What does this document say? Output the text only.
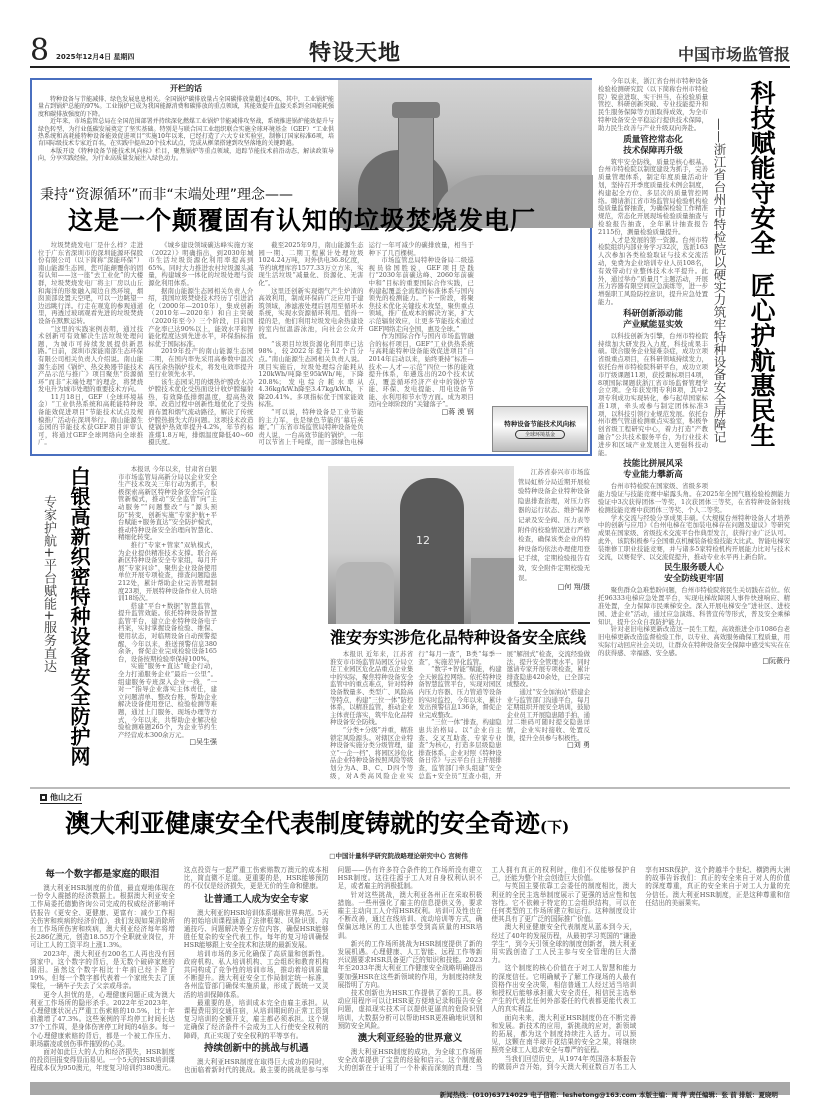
8 2025年12月4日 星期四	特设天地	中国市场监管报
开栏的话

特种设备与节能减排、绿色发展息息相关。全国锅炉碳排放量占全国碳排放量超过40%，其中，工业锅炉能量占到锅炉总能的97%。工业锅炉已成为我国能源消费和碳排放的重点领域，其能效提升直接关系到全国能耗强度和碳排放强度的下降。

近年来，市场监管总局在全国范围部署并持续深化燃煤工业锅炉节能减排攻坚战，系统推进锅炉能效提升与绿色转型，为行业低碳发展奠定了坚实基础。特别是与联合国工业组织联合实施全球环境基金（GEF）“工业供热系统和高耗能特种设备能效促进项目”实施10年以来，已经打造了六大专业实验室，制修订国家标准6项，培育国际级技术专家近百名，在实践中提出20个技术试点，完成从框架搭建到攻坚落地的关键跨越。

本版开设《特种设备节能技术风向标》栏目，聚焦锅炉等重点领域，追踪节能技术前沿动态，解读政策导向，分享实践经验，为行业高质量发展注入绿色动力。

秉持“资源循环”而非“末端处理”理念——
这是一个颠覆固有认知的垃圾焚烧发电厂

垃圾焚烧发电厂是什么样？走进位于广东省深圳市的深圳能源环保股份有限公司（以下简称“深能环保”）南山能源生态园，您可能颠覆你的固有认知——这一座“去工业化”的大楼群，垃圾焚烧发电厂将主厂房以山丘和海洋的形象融入周边自然环境，烟囱顶部设置天空吧，可以一边眺望一边远眺行洋。行走在观览的参观通道里，再透过玻璃观看先进的垃圾焚烧设备在默默运转。

“这里的实践案例表明，通过技术创新可有效解决生活垃圾处理问题，为城市可持续发展提供新思路。”日前，深圳市深能南部生态环保有限公司相关负责人介绍说。南山能源生态园《锅炉、热交换器节能技术产品示范与推广》项目聚焦“资源循环”而非“末端处理”的理念，将焚烧发电升为城市处理的重要技术方向。

11月18日，GEF（全球环境基金）“工业供热系统和高耗能特种设备能效促进项目”节能技术试点及规模推广活动在深圳举行。南山能源生态园的节能技术获GEF项目评审认可，将通过GEF全球网络向全球推广。

《城乡建设领域碳达峰实施方案（2022）》明确指出，到2030年城市生活垃圾资源化利用率提高到65%。同时大力推进农村垃圾源头减量，构建城乡一体化的垃圾处理与资源化利用体系。

据南山能源生态园相关负责人介绍，我国垃圾焚烧技术经历了引进消化（2000年—2010年）、集成创新（2010年—2020年）和自主突破（2020年至今）三个阶段，目前国产化率已达90%以上，能效水平和智能化程度达到先进水平，环保指标指标优于国际标准。

2019年投产的南山能源生态园二期，在国内率先采用高参数中温次高压余热锅炉技术，将发电效率提升至行业领先水平。

该生态园采用的烟热炉膛改水冷炉膛技术优化受热面设计收炉膛辐射热，有效降低排烟温度，提高热效率。改造过程中创新性地优化了受热面布置和烟气流动路径，解决了传统炉膛热损失大的问题。这项技术改造使锅炉热效率提升4.2%，年节约标准煤1.8万吨，排烟温度降低40~60摄氏度。

截至2025年9月，南山能源生态园一期、二期工程累计处理垃圾1024.24万吨，对外供电36.8亿度，节约填埋库容1577.33万立方米，实现生活垃圾“减量化、资源化、无害化”。

这里还创新实现烟气产生炉渣的高效利用，制成环保砖广泛应用于建筑领域，渗滤液处理后回用至循环水系统，实现水资源循环利用。值得一提的是，他们利用垃圾发电余热建设的室内恒温游泳池，向社会公众开放。

“该项目垃圾资源化利用率已达98%，较2022年提升12个百分点。”南山能源生态园相关负责人说。项目实施后，垃圾处理综合能耗从120kWh/吨降至95kWh/吨，下降20.8%；发电综合耗水率从4.36kg/kW.h降至3.47kg/kW.h，下降20.41%。多项指标优于国家能效标准。

“可以说，特种设备是工业节能的主力军，也是绿色节能的‘幕后英雄’。”广东省市场监管局特种设备处负责人说，一台高效节能的锅炉，一年可以节省上千吨煤，而一部绿色电梯运行一年可减少的碳排放量，相当于种下了几百棵树。

市场监管总局特种设备局二级巡视员徐国胜说，GEF项目是践行“2030年前碳达峰、2060年前碳中和”目标的重要国际合作实践，已构建起覆盖全流程的标准体系与国内领先的检测能力。“下一阶段，将聚焦技术优化关键技术攻坚，聚焦重点领域，推广低成本的解决方案，扩大示范辐射效应，让更多节能技术通过GEF网络走向全国，惠及全球。”

作为国际合作与国内市场监管融合的标杆项目，GEF“工业供热系统与高耗能特种设备能效促进项目”自2014年启动以来，始终秉持“标准—技术—人才—示范”四位一体的能效提升体系，年遴选出的20个技术试点，覆盖循环经济产业中的锅炉节能、环保、发电提能、用电设备节能、水利用和节水等方面。成为项目迈向全球阶段的“关键落子”。

□蒋 漠 钢

特种设备节能技术风向标
全球环境基金	——浙江省台州市特检院以硬实力筑牢特种设备安全屏障记 科技赋能守安全  匠心护航惠民生

今年以来，浙江省台州市特种设备检验检测研究院（以下简称台州市特检院）锐意进取、实干担当，在检验质量管控、科研创新突破、专业技能提升和民生服务保障等方面取得成效，为全市特种设备安全平稳运行提供技术保障，助力民生改善与产业升级双向奔赴。

质量管控常态化
技术保障再升级

筑牢安全防线，质量是核心根基。台州市特检院以制度建设为抓手，完善质量管理体系，制定年度质量活动计划，坚持召开季度质量技术例会制度，构建起全方位、多层次的质量管控网络。聘请浙江省市场监管局检验机构检验质量监督抽查，为确保检验工作精准规范，常态化开展现场检验质量抽查与检验报告抽查，全年累计抽查报告2115份，测量检验质量提升。

人才是发展的第一资源。台州市特检院组织内部业务学习32次，选派163人次参加各类检验取证与技术交流活动，免费为企业培训专业人员108名，有效带动行业整体技术水平提升。此外，通过举办“质量月”主题活动，开展压力容器有限空间应急演练等，进一步增强职工风险防控意识，提升应急处置能力。

科研创新添动能
产业赋能显实效

以科技创新为引擎，台州市特检院持续加大研发投入力度，科技成果丰硕。联合服务企业疑难杂症，成功立项省级重点项目，在科研领域持续发力，依托台州市特检院科研平台，成功立项市厅级课题11项，获授课标项目4项，8项国际课题获浙江省市场监督管理学会立项。全年获发明专利8项，其中2项专利成功实现转化，参与起草国家标准1项，牵头或参与制定团体标准3项，以科技引领行业规范发展。依托台州市燃气管道检测重点实验室，积极争创省级工程研究中心，着力打造“产教融合”公共技术服务平台，为行业技术进步和区域产业发展注入更强科技动能。

技能比拼展风采
专业能力攀新高

台州市特检院在国家级、省级多项能力验证与技能竞赛中崭露头角。在2025年全国气瓶检验检测能力验证中3次获得团体一等奖，1次获团体三等奖，在省特种设备射线检测技能竞赛中获团体三等奖、个人二等奖。

学术交流与经验分享成果丰硕。《大规模台州特种设备人才培养中的创新与应用》《台州电梯在宅加装电梯存在问题及建议》等研究成果在国家级、省级技术交流平台作典型发言，获得行业广泛认可。此外，该院积极参与全国重点机械装备检验技能大比武、智能电梯安装维修工职业技能竞赛，并与诸多5家特检机构开展能力比对与技术交流，以赛促学、以交流促提升，推动专业水平再上新台阶。

民生服务暖人心
安全防线更牢固

聚焦群众急难愁盼问题，台州市特检院将民生关切践在首位。依托96333电梯应急处置平台，实现电梯故障困人事件快速响应、精准处置，全力保障市民乘梯安全。深入开展电梯安全“进社区、进校园、进企业”活动，通过应急演练、科普宣传等形式，普及安全乘梯知识，提升公众自我防护能力。

针对老旧电梯更新改造这一民生工程，高效推进全市1086台老旧电梯更新改造监督检验工作，以专业、高效服务确保工程质量，用实际行动回应社会关切，让群众在特种设备安全保障中感受实实在在的获得感、幸福感、安全感。

□阮薇丹

专家护航+平台赋能+服务直达 白银高新织密特种设备安全防护网	本报讯 今年以来，甘肃省白银市市场监管局高新分局以企业安全生产技术攻关三年行动为抓手，积极探索高新区特种设备安全综合监管新模式，推动“安全监管”向“主动服务”“问题整改”与“源头预防”转变，创新实施“专家护航+平台赋能+服务直达”安全防护模式，推动特种设备安全治理向智慧化、精细化转变。

推行“专家+管家”双轨模式，为企业提供精准技术支撑。联合高新区特种设备安全专家组，每月开展“专家问诊”，聚焦企业设备使用单位开展专项检查，排查问题隐患212处，累计帮助企业完善管理制度23项，开展特种设备作业人员培训18场次。

搭建“平台+数据”智慧监管，提升监管效能。依托特种设备智慧监管平台，建立企业特种设备电子档案，实时掌握设备检验、维保、使用状态，对临期设备自动预警提醒，今年以来，推送预警信息380余条，督促企业完成检验设备165台，设备按期检验率保持100%。

实施“服务+直达”暖企行动，全力打通服务企业“最后一公里”。组建服务专班深入企业一线，“一对一”指导企业落实主体责任，建立问题清单、整改台账，帮助企业解决设备使用登记、检验检测等难题，通过上门服务、现场办理等方式，今年以来，共帮助企业解决检验检测难题265个，为企业节约生产经营成本300余万元。

□吴生强

12

江苏省泰兴市市场监管局虹桥分局近期开展检验特种设备企业特种设备隐患排查治理，对压力容器的运行状态、维护保养记录及安全阀、压力表等附件的校验情况进行严格检查，确保该类企业的特种设备均依法办理使用登记手续，定期检验报告有效，安全附件定期校验无误。

□何 翔/摄

淮安夯实涉危化品特种设备安全底线

本报讯 近年来，江苏省淮安市市场监管局园区分局立足工业园区危化品重点企业集中的实际，聚焦特种设备安全监管中的重点难点，针对特种设备数量多、类型广、风险高等特点，构建“三位一体”防控体系，以精准监管，推动企业主体责任落实，筑牢危化品特种设备安全防线。

“分类+分级”并重，精准锁定风险源头。对辖区企业特种设备实施分类分级管理，建立“一企一档”，将园区涉危化品企业特种设备按照风险等级划分为A、B、C、D四个等级，对A类高风险企业实行“每月一查”，B类“每季一查”，实施差异化监管。

“数字+智能”赋能，构建全天候监控网络。依托特种设备智慧监管平台，实现对园区内压力容器、压力管道等设备的实时监控，今年以来，累计发出预警信息136条，督促企业完成整改。

“三位一体”排查，构建隐患共治格局。以“企业自主查、交叉互助查、专家专业查”为核心，打造多层级隐患排查体系。企业对照《特种设备日常》与云平台自主开展排查，监管部门牵头组建“安全总监+安全员”互查小组，开展“解剖式”检查，交流经验做法，提升安全管理水平。同时邀请专家开展专项检查，累计排查隐患420余处，已全部完成整改。

通过“安全加油站”搭建企业与监管部门沟通平台，每月定期组织开展安全培训，鼓励企业员工开展隐患随手拍，通过二维码可随时提交隐患详情，企业实时接收、处置反馈，提升全员参与积极性。

□刘 勇

他山之石
澳大利亚健康安全代表制度铸就的安全奇迹(下)
□中国计量科学研究院战略理论研究中心 宫树伟
每一个数字都是家庭的眼泪

澳大利亚HSR制度的价值，最直观地体现在一份令人震撼的经济数据上。根据澳大利亚安全工作局委托德勤咨询公司完成的权威经济影响评估报告《更安全、更健康、更富有：减少工作相关伤害和疾病的经济价值》，我们发现如果消除所有工作场所伤害和疾病，澳大利亚经济每年将增长286亿澳元，创造18.55万个全职就业岗位，并可让工人的工资平均上涨1.3%。

2023年，澳大利亚有200名工人再也没有回到家中。这个数字的背后，是无数个破碎家庭的眼泪。虽然这个数字相比十年前已经下降了19%，但每一个数字都代表着一个家庭失去了顶梁柱，一辆车子失去了父亲或母亲。

更令人担忧的是，心理健康问题正成为澳大利亚工作场所的隐形杀手。2022年至2023年，心理健康状况占严重工伤索赔的10.5%，比十年前激增了47.3%。这些案例的平均停工时间长达37个工作周，是身体伤害停工时间的4倍多。每一个心理健康索赔的背后，都是一个被工作压力、职场霸凌或创伤事件摧毁的心灵。

面对如此巨大的人力和经济损失，HSR制度的投资回报变得显而易见。一个5天的HSR培训课程成本仅为950澳元，年度复习培训约380澳元。这点投资与一起严重工伤索赔数万澳元的成本相比，简直微不足道。更重要的是，HSR能够预防的不仅仅是经济损失，更是无价的生命和健康。

让普通工人成为安全专家

澳大利亚的HSR培训体系堪称世界典范。5天的初始培训课程涵盖了法律框架、风险识别、沟通技巧、问题解决等全方位内容，确保HSR能够胜任复杂的安全代表工作。每年的复习培训确保HSR能够跟上安全技术和法规的最新发展。

培训市场的多元化确保了高质量和创新性。政府机构、私人培训机构、工会组织和教育机构共同构成了竞争性的培训市场，推动着培训质量不断提升。澳大利亚安全工作局制定统一标准，各州监管部门确保实施质量，形成了既统一又灵活的培训保障体系。

最重要的是，培训成本完全由雇主承担。从课程费用到交通住宿，从培训期间的正常工资到复习培训的全额开支，雇主都必须承担。这个规定确保了经济条件不会成为工人行使安全权利的障碍，真正实现了安全权利的平等享有。

持续创新中的挑战与机遇

澳大利亚HSR制度在取得巨大成功的同时，也面临着新时代的挑战。最主要的挑战是参与率问题——仍有许多符合条件的工作场所没有建立HSR制度。这往往源于工人对自身权利认识不足，或者雇主的消极抵制。

针对这些挑战，澳大利亚各州正在采取积极措施。一些州强化了雇主的信息提供义务，要求雇主主动向工人介绍HSR权利。培训可及性也在不断改善，通过在线培训、流动培训等方式，确保偏远地区的工人也能享受到高质量的HSR培训。

新兴的工作场所挑战为HSR制度提供了新的发展机遇。心理健康、人工智能、远程工作等新兴议题要求HSR具备更广泛的知识和技能。2023年至2033年澳大利亚工作健康安全战略明确提出要加强HSR在这些新领域的作用，为制度持续发展指明了方向。

技术创新也为HSR工作提供了新的工具。移动应用程序可以让HSR更方便地记录和报告安全问题，虚拟现实技术可以提供更逼真的危险识别培训，大数据分析可以帮助HSR更准确地识别和预防安全风险。

澳大利亚经验的世界意义

澳大利亚HSR制度的成功，为全球工作场所安全改革提供了宝贵的经验和启示。这个制度最大的创新在于证明了一个朴素而深刻的真理：当工人拥有真正的权利时，他们不仅能够保护自己，还能为整个社会创造巨大价值。

与英国主要依靠工会委任的制度相比，澳大利亚的全民主选举制度展示了更强的适应性和包容性。它不依赖于特定的工会组织结构，可以在任何类型的工作场所建立和运行。这种制度设计使其具有了更广泛的国际推广价值。

澳大利亚健康安全代表制度从蓝本到今天，经过了40年的发展历程，从最初学习英国的“谦逊学生”，到今天引领全球的制度创新者，澳大利亚用实践创造了工人民主参与安全管理的巨大潜力。

这个制度的核心价值在于对工人智慧和能力的深度信任。它明确赋予了解工作现场的人最有资格作出安全决策，相信普通工人经过适当培训和授权后能够承担重大安全责任，相信民主选举产生的代表比任何外部委任的代表都更能代表工人的真实利益。

面向未来，澳大利亚HSR制度仍在不断完善和发展。新技术的应用，新挑战的应对，新领域的拓展，都为这个制度持续注入活力。可以预见，这颗在南半球开花结果的安全之果，将继续照亮全球工人追求安全与尊严的征程。

当我们回望历史，从1974年英国洛本斯报告的微弱声音开始，到今天澳大利亚数百万名工人享有HSR保护，这个跨越半个世纪、横跨两大洲的故事告诉我们：真正的安全来自于对人的价值的深度尊重，真正的安全来自于对工人力量的充分信任。澳大利亚HSR制度，正是这种尊重和信任结出的美丽果实。

新闻热线：(010)63714029 电子信箱：leshetong@163.com 本版主编：周 萍 责任编辑：张 前 排版：夏晓明
